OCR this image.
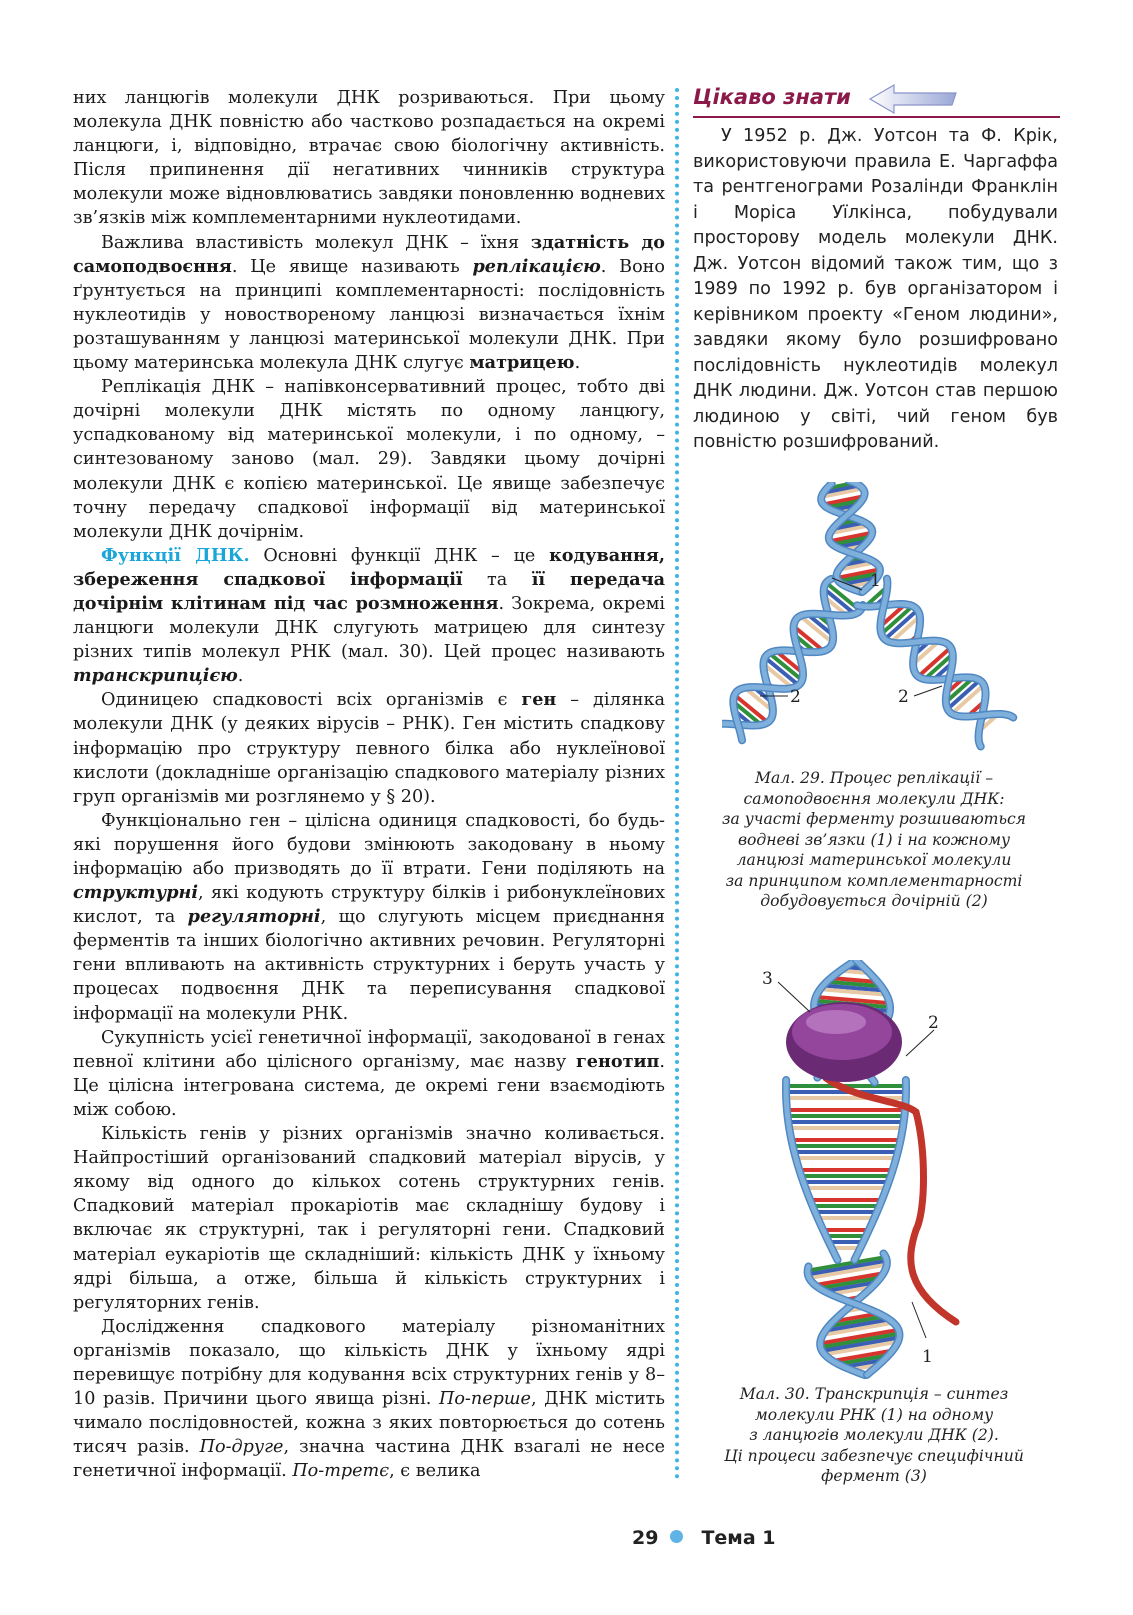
них ланцюгів молекули ДНК розриваються. При цьому молекула ДНК повністю або частково розпадається на окремі ланцюги, і, відповідно, втрачає свою біологічну активність. Після припинення дії негативних чинників структура молекули може відновлюватись завдяки поновленню водневих зв’язків між комплементарними нуклеотидами.

Важлива властивість молекул ДНК – їхня здатність до самоподвоєння. Це явище називають реплікацією. Воно ґрунтується на принципі комплементарності: послідовність нуклеотидів у новоствореному ланцюзі визначається їхнім розташуванням у ланцюзі материнської молекули ДНК. При цьому материнська молекула ДНК слугує матрицею.

Реплікація ДНК – напівконсервативний процес, тобто дві дочірні молекули ДНК містять по одному ланцюгу, успадкованому від материнської молекули, і по одному, – синтезованому заново (мал. 29). Завдяки цьому дочірні молекули ДНК є копією материнської. Це явище забезпечує точну передачу спадкової інформації від материнської молекули ДНК дочірнім.

Функції ДНК. Основні функції ДНК – це кодування, збереження спадкової інформації та її передача дочірнім клітинам під час розмноження. Зокрема, окремі ланцюги молекули ДНК слугують матрицею для синтезу різних типів молекул РНК (мал. 30). Цей процес називають транскрипцією.

Одиницею спадковості всіх організмів є ген – ділянка молекули ДНК (у деяких вірусів – РНК). Ген містить спадкову інформацію про структуру певного білка або нуклеїнової кислоти (докладніше організацію спадкового матеріалу різних груп організмів ми розглянемо у § 20).

Функціонально ген – цілісна одиниця спадковості, бо будь-які порушення його будови змінюють закодовану в ньому інформацію або призводять до її втрати. Гени поділяють на структурні, які кодують структуру білків і рибонуклеїнових кислот, та регуляторні, що слугують місцем приєднання ферментів та інших біологічно активних речовин. Регуляторні гени впливають на активність структурних і беруть участь у процесах подвоєння ДНК та переписування спадкової інформації на молекули РНК.

Сукупність усієї генетичної інформації, закодованої в генах певної клітини або цілісного організму, має назву генотип. Це цілісна інтегрована система, де окремі гени взаємодіють між собою.

Кількість генів у різних організмів значно коливається. Найпростіший організований спадковий матеріал вірусів, у якому від одного до кількох сотень структурних генів. Спадковий матеріал прокаріотів має складнішу будову і включає як структурні, так і регуляторні гени. Спадковий матеріал еукаріотів ще складніший: кількість ДНК у їхньому ядрі більша, а отже, більша й кількість структурних і регуляторних генів.

Дослідження спадкового матеріалу різноманітних організмів показало, що кількість ДНК у їхньому ядрі перевищує потрібну для кодування всіх структурних генів у 8–10 разів. Причини цього явища різні. По-перше, ДНК містить чимало послідовностей, кожна з яких повторюється до сотень тисяч разів. По-друге, значна частина ДНК взагалі не несе генетичної інформації. По-третє, є велика

Цікаво знати

У 1952 р. Дж. Уотсон та Ф. Крік, використовуючи правила Е. Чаргаффа та рентгенограми Розалінди Франклін і Моріса Уїлкінса, побудували просторову модель молекули ДНК. Дж. Уотсон відомий також тим, що з 1989 по 1992 р. був організатором і керівником проекту «Геном людини», завдяки якому було розшифровано послідовність нуклеотидів молекул ДНК людини. Дж. Уотсон став першою людиною у світі, чий геном був повністю розшифрований.

1
2	2
Мал. 29. Процес реплікації –
самоподвоєння молекули ДНК:
за участі ферменту розшиваються
водневі зв’язки (1) і на кожному
ланцюзі материнської молекули
за принципом комплементарності
добудовується дочірній (2)
3
2
1
Мал. 30. Транскрипція – синтез
молекули РНК (1) на одному
з ланцюгів молекули ДНК (2).
Ці процеси забезпечує специфічний
фермент (3)
29 Тема 1
